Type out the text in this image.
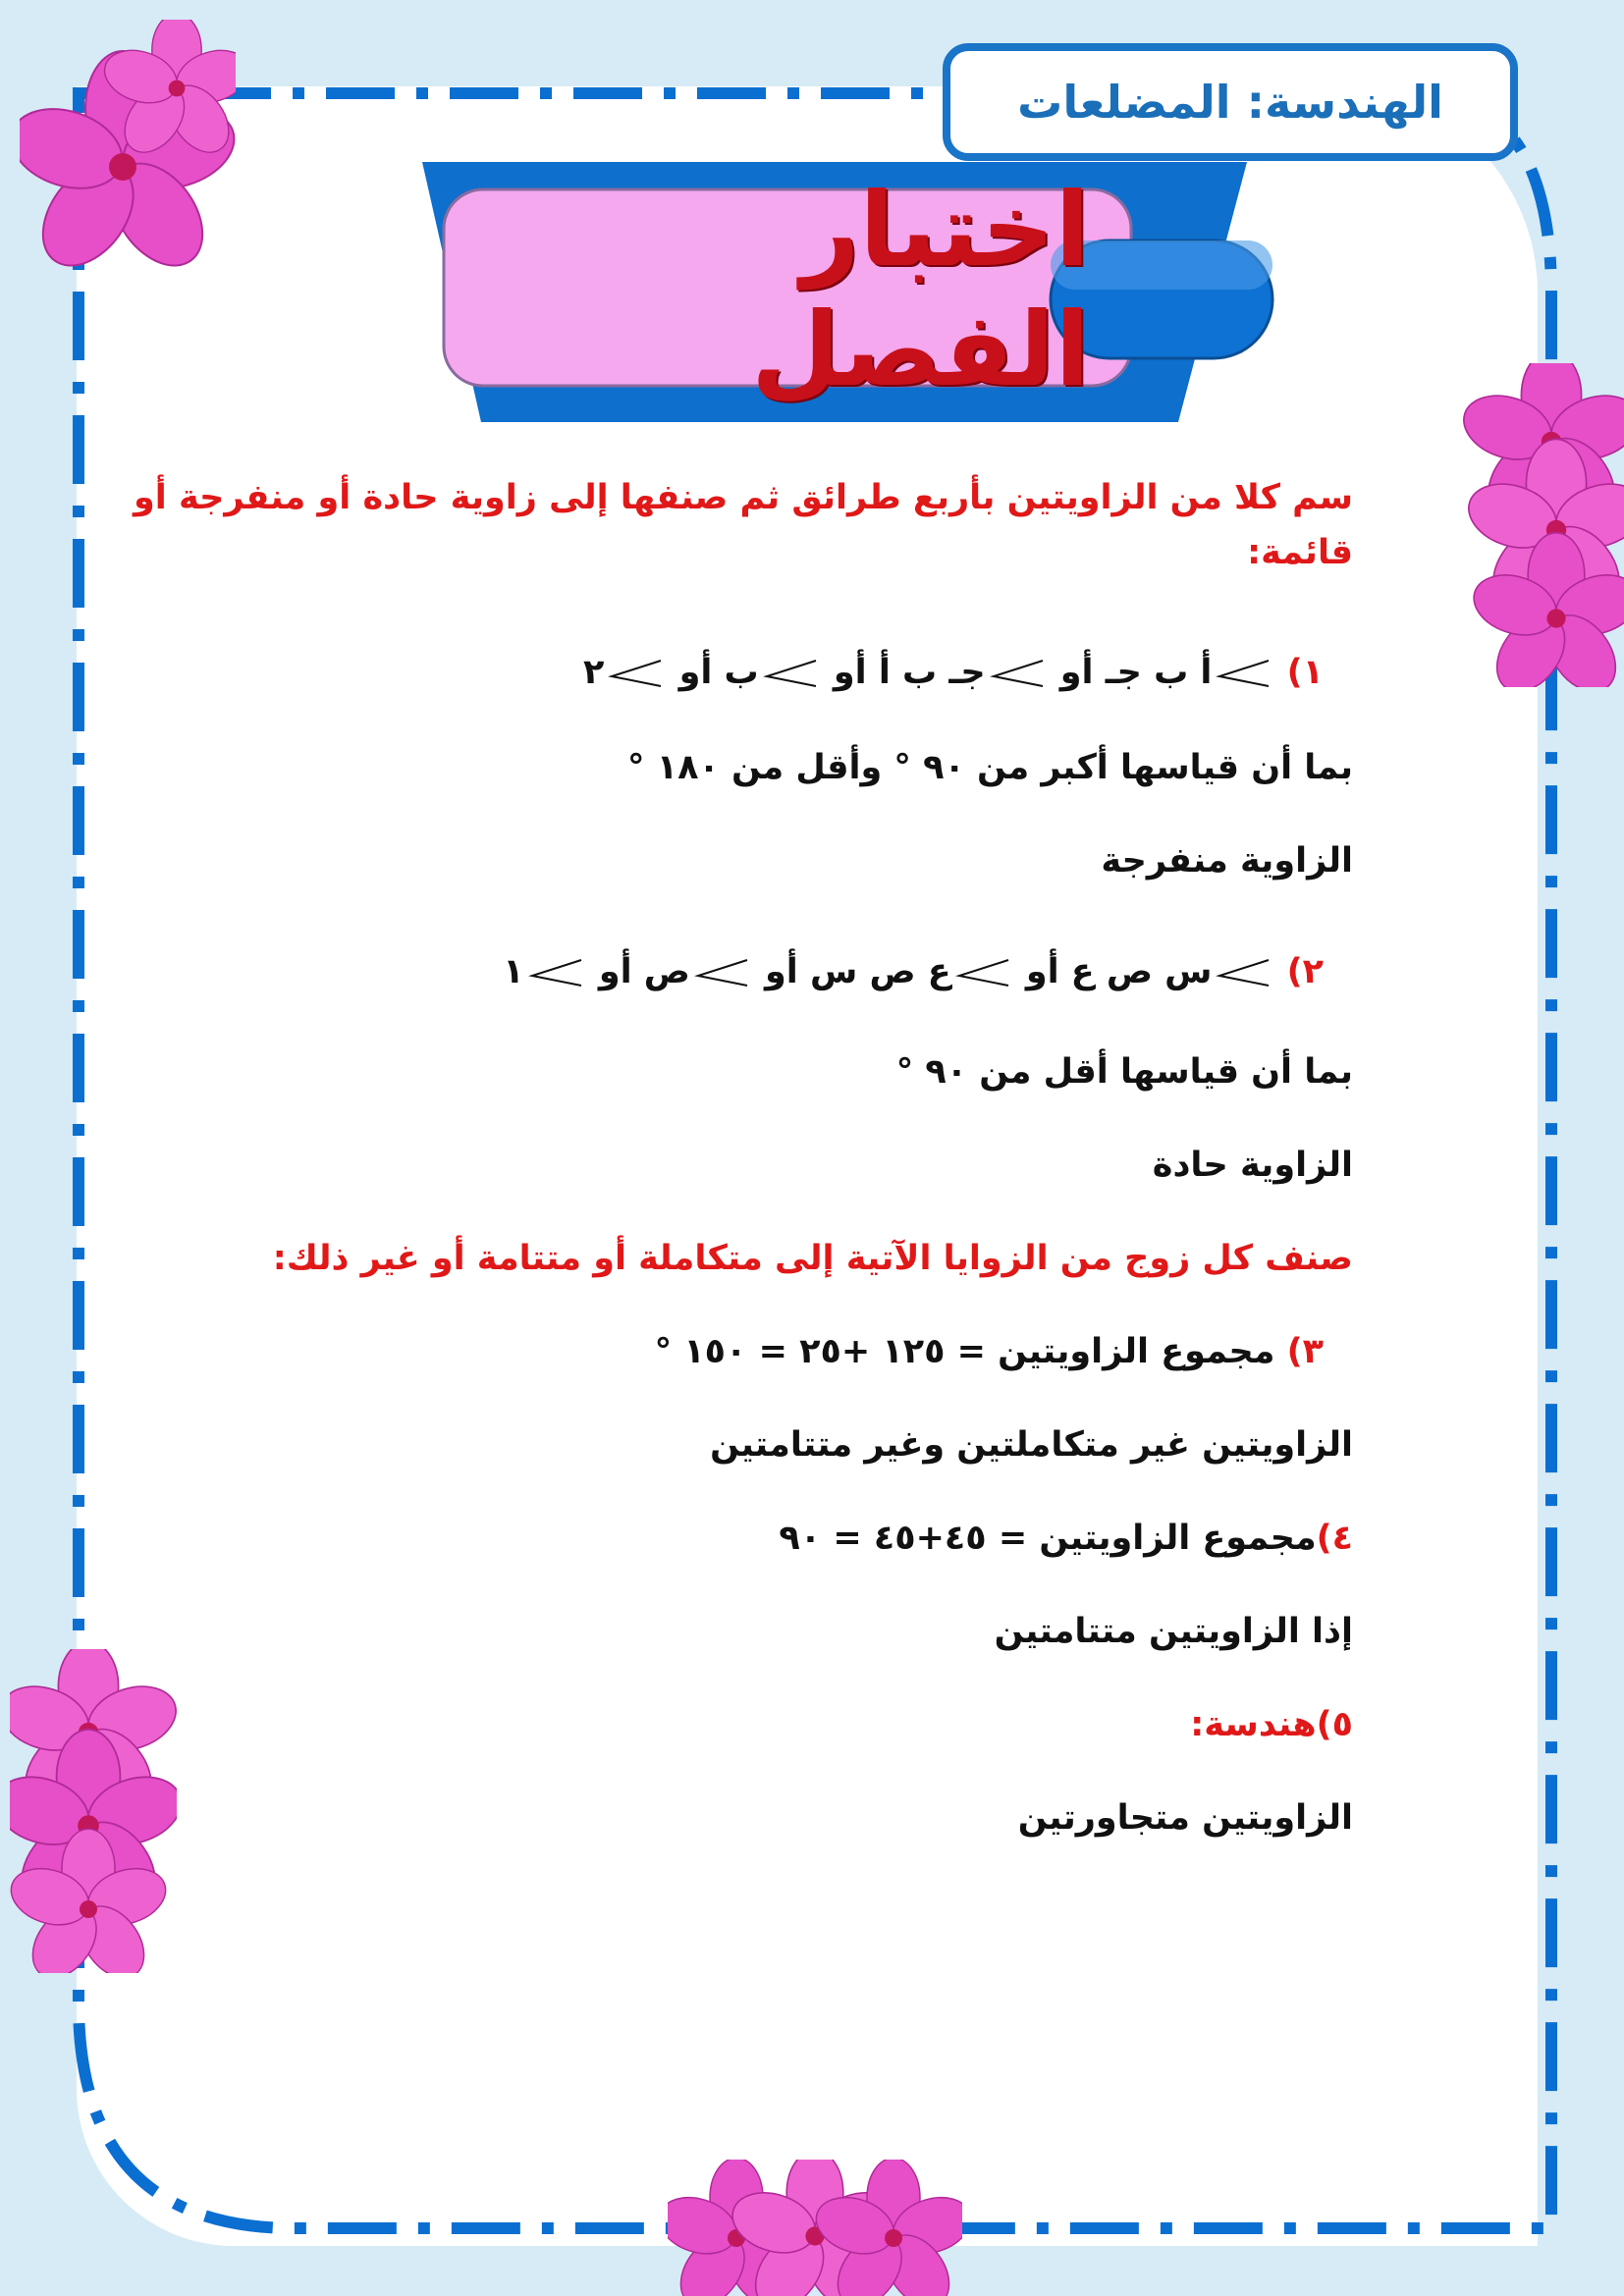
الهندسة: المضلعات
اختبار الفصل
سم كلا من الزاويتين بأربع طرائق ثم صنفها إلى زاوية حادة أو منفرجة أو
قائمة:
١)
أ ب جـ أو
جـ ب أ أو
ب أو
٢
بما أن قياسها أكبر من ٩٠ ° وأقل من ١٨٠ °
الزاوية منفرجة
٢)
س ص ع أو
ع ص س أو
ص أو
١
بما أن قياسها أقل من ٩٠ °
الزاوية حادة
صنف كل زوج من الزوايا الآتية إلى متكاملة أو متتامة أو غير ذلك:
٣) مجموع الزاويتين = ١٢٥ +٢٥ = ١٥٠ °
الزاويتين غير متكاملتين وغير متتامتين
٤)مجموع الزاويتين = ٤٥+٤٥ = ٩٠
إذا الزاويتين متتامتين
٥)هندسة:
الزاويتين متجاورتين
